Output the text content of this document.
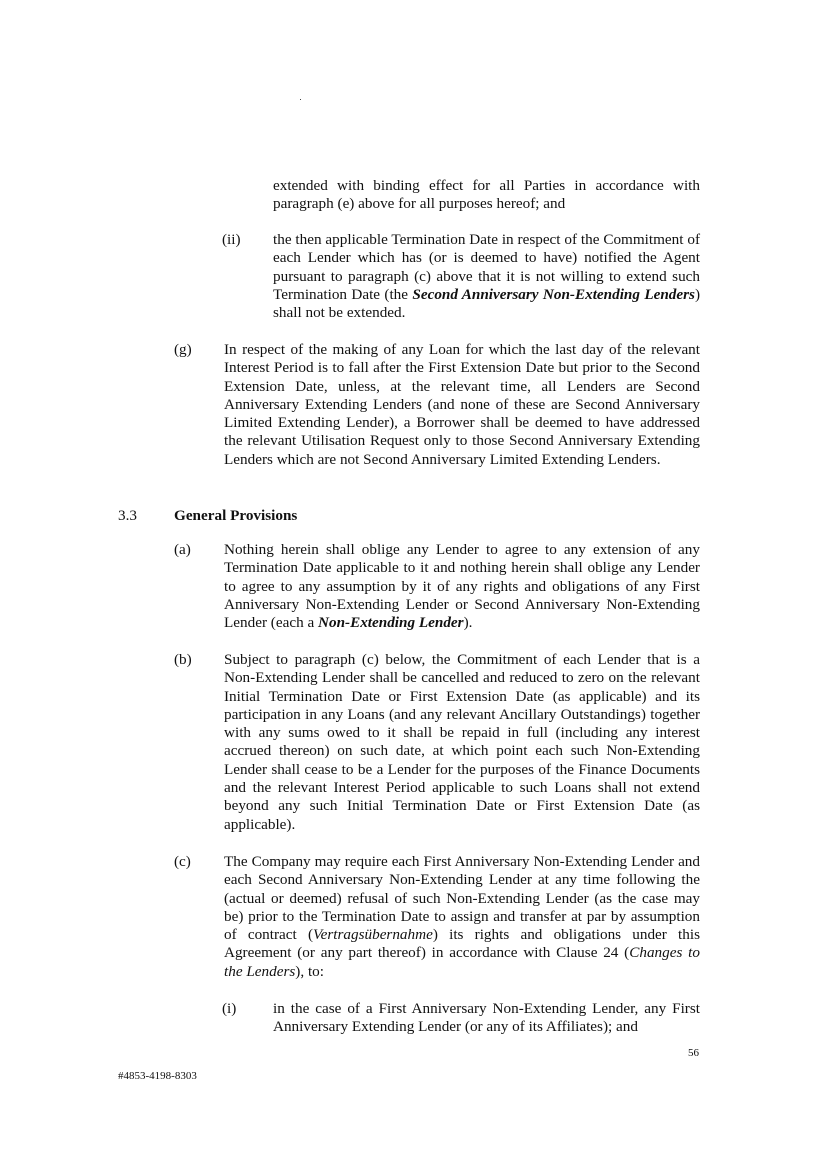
extended with binding effect for all Parties in accordance with paragraph (e) above for all purposes hereof; and
(ii) the then applicable Termination Date in respect of the Commitment of each Lender which has (or is deemed to have) notified the Agent pursuant to paragraph (c) above that it is not willing to extend such Termination Date (the Second Anniversary Non-Extending Lenders) shall not be extended.
(g) In respect of the making of any Loan for which the last day of the relevant Interest Period is to fall after the First Extension Date but prior to the Second Extension Date, unless, at the relevant time, all Lenders are Second Anniversary Extending Lenders (and none of these are Second Anniversary Limited Extending Lender), a Borrower shall be deemed to have addressed the relevant Utilisation Request only to those Second Anniversary Extending Lenders which are not Second Anniversary Limited Extending Lenders.
3.3 General Provisions
(a) Nothing herein shall oblige any Lender to agree to any extension of any Termination Date applicable to it and nothing herein shall oblige any Lender to agree to any assumption by it of any rights and obligations of any First Anniversary Non-Extending Lender or Second Anniversary Non-Extending Lender (each a Non-Extending Lender).
(b) Subject to paragraph (c) below, the Commitment of each Lender that is a Non-Extending Lender shall be cancelled and reduced to zero on the relevant Initial Termination Date or First Extension Date (as applicable) and its participation in any Loans (and any relevant Ancillary Outstandings) together with any sums owed to it shall be repaid in full (including any interest accrued thereon) on such date, at which point each such Non-Extending Lender shall cease to be a Lender for the purposes of the Finance Documents and the relevant Interest Period applicable to such Loans shall not extend beyond any such Initial Termination Date or First Extension Date (as applicable).
(c) The Company may require each First Anniversary Non-Extending Lender and each Second Anniversary Non-Extending Lender at any time following the (actual or deemed) refusal of such Non-Extending Lender (as the case may be) prior to the Termination Date to assign and transfer at par by assumption of contract (Vertragsübernahme) its rights and obligations under this Agreement (or any part thereof) in accordance with Clause 24 (Changes to the Lenders), to:
(i) in the case of a First Anniversary Non-Extending Lender, any First Anniversary Extending Lender (or any of its Affiliates); and
56
#4853-4198-8303
